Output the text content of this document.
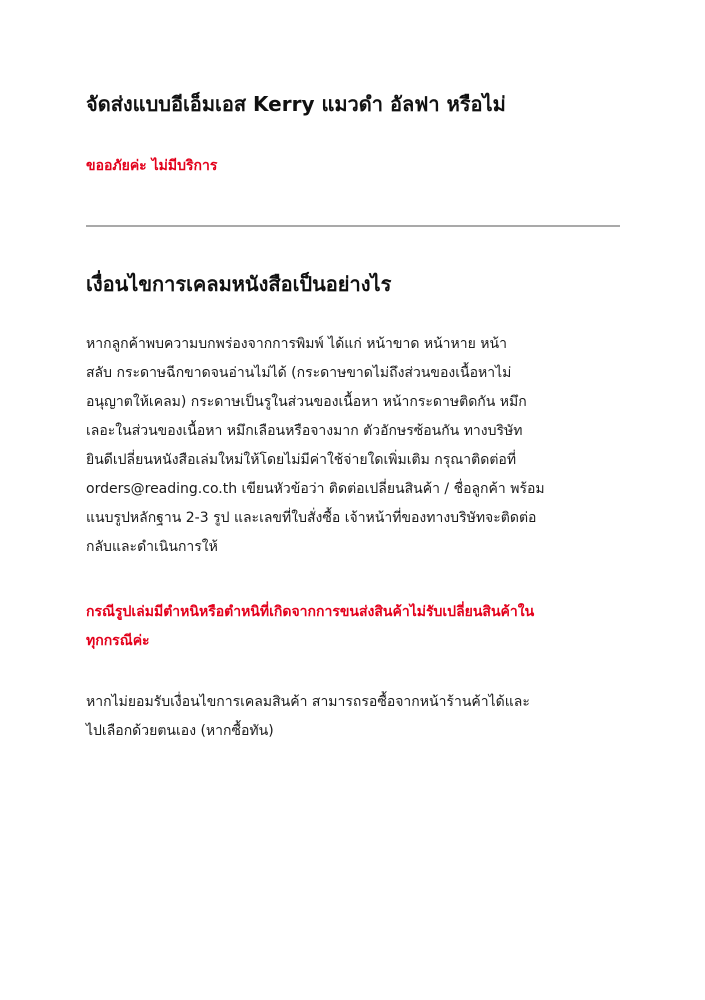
จัดส่งแบบอีเอ็มเอส Kerry แมวดำ อัลฟา หรือไม่

ขออภัยค่ะ ไม่มีบริการ

เงื่อนไขการเคลมหนังสือเป็นอย่างไร

หากลูกค้าพบความบกพร่องจากการพิมพ์ ได้แก่ หน้าขาด หน้าหาย หน้า
สลับ กระดาษฉีกขาดจนอ่านไม่ได้ (กระดาษขาดไม่ถึงส่วนของเนื้อหาไม่
อนุญาตให้เคลม) กระดาษเป็นรูในส่วนของเนื้อหา หน้ากระดาษติดกัน หมึก
เลอะในส่วนของเนื้อหา หมึกเลือนหรือจางมาก ตัวอักษรซ้อนกัน ทางบริษัท
ยินดีเปลี่ยนหนังสือเล่มใหม่ให้โดยไม่มีค่าใช้จ่ายใดเพิ่มเติม กรุณาติดต่อที่
orders@reading.co.th เขียนหัวข้อว่า ติดต่อเปลี่ยนสินค้า / ชื่อลูกค้า พร้อม
แนบรูปหลักฐาน 2-3 รูป และเลขที่ใบสั่งซื้อ เจ้าหน้าที่ของทางบริษัทจะติดต่อ
กลับและดำเนินการให้

กรณีรูปเล่มมีตำหนิหรือตำหนิที่เกิดจากการขนส่งสินค้าไม่รับเปลี่ยนสินค้าใน
ทุกกรณีค่ะ

หากไม่ยอมรับเงื่อนไขการเคลมสินค้า สามารถรอซื้อจากหน้าร้านค้าได้และ
ไปเลือกด้วยตนเอง (หากซื้อทัน)
